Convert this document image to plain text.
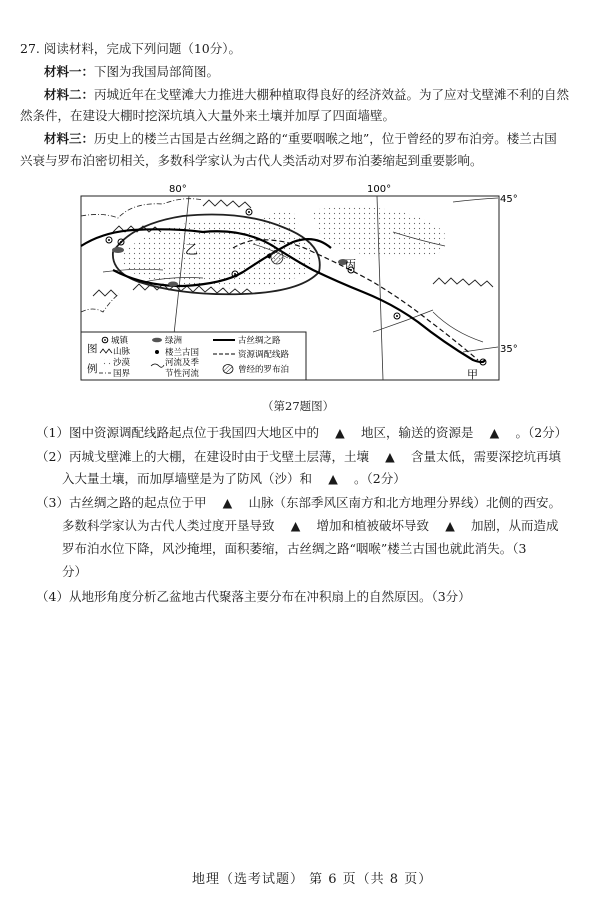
27. 阅读材料，完成下列问题（10分）。
材料一：下图为我国局部简图。
材料二：丙城近年在戈壁滩大力推进大棚种植取得良好的经济效益。为了应对戈壁滩不利的自然
然条件，在建设大棚时挖深坑填入大量外来土壤并加厚了四面墙壁。
材料三：历史上的楼兰古国是古丝绸之路的“重要咽喉之地”，位于曾经的罗布泊旁。楼兰古国
兴衰与罗布泊密切相关，多数科学家认为古代人类活动对罗布泊萎缩起到重要影响。
80°	100°
45°
35°
乙
丙
甲
图
例
城镇
山脉
沙漠
国界
绿洲
楼兰古国
河流及季
节性河流
古丝绸之路
资源调配线路
曾经的罗布泊
（第27题图）
（1）图中资源调配线路起点位于我国四大地区中的 ▲ 地区，输送的资源是 ▲ 。（2分）
（2）丙城戈壁滩上的大棚，在建设时由于戈壁土层薄，土壤 ▲ 含量太低，需要深挖坑再填
入大量土壤，而加厚墙壁是为了防风（沙）和 ▲ 。（2分）
（3）古丝绸之路的起点位于甲 ▲ 山脉（东部季风区南方和北方地理分界线）北侧的西安。
多数科学家认为古代人类过度开垦导致 ▲ 增加和植被破坏导致 ▲ 加剧，从而造成
罗布泊水位下降，风沙掩埋，面积萎缩，古丝绸之路“咽喉”楼兰古国也就此消失。（3
分）
（4）从地形角度分析乙盆地古代聚落主要分布在冲积扇上的自然原因。（3分）
地理（选考试题） 第 6 页（共 8 页）
